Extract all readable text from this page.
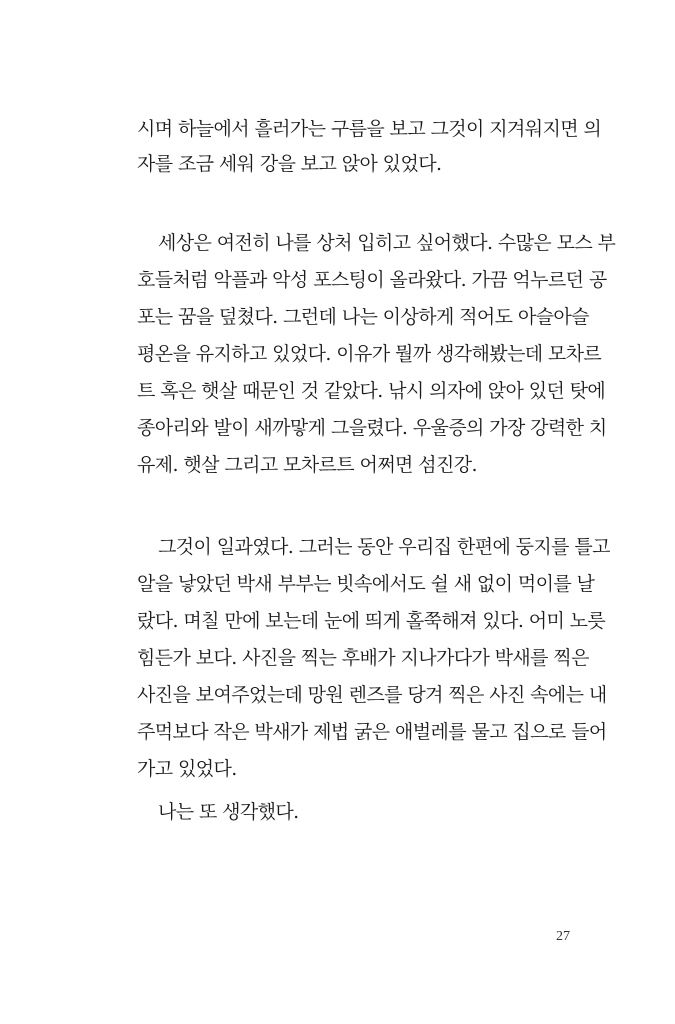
시며 하늘에서 흘러가는 구름을 보고 그것이 지겨워지면 의
자를 조금 세워 강을 보고 앉아 있었다.
세상은 여전히 나를 상처 입히고 싶어했다. 수많은 모스 부
호들처럼 악플과 악성 포스팅이 올라왔다. 가끔 억누르던 공
포는 꿈을 덮쳤다. 그런데 나는 이상하게 적어도 아슬아슬
평온을 유지하고 있었다. 이유가 뭘까 생각해봤는데 모차르
트 혹은 햇살 때문인 것 같았다. 낚시 의자에 앉아 있던 탓에
종아리와 발이 새까맣게 그을렸다. 우울증의 가장 강력한 치
유제. 햇살 그리고 모차르트 어쩌면 섬진강.
그것이 일과였다. 그러는 동안 우리집 한편에 둥지를 틀고
알을 낳았던 박새 부부는 빗속에서도 쉴 새 없이 먹이를 날
랐다. 며칠 만에 보는데 눈에 띄게 홀쭉해져 있다. 어미 노릇
힘든가 보다. 사진을 찍는 후배가 지나가다가 박새를 찍은
사진을 보여주었는데 망원 렌즈를 당겨 찍은 사진 속에는 내
주먹보다 작은 박새가 제법 굵은 애벌레를 물고 집으로 들어
가고 있었다.
나는 또 생각했다.
27
